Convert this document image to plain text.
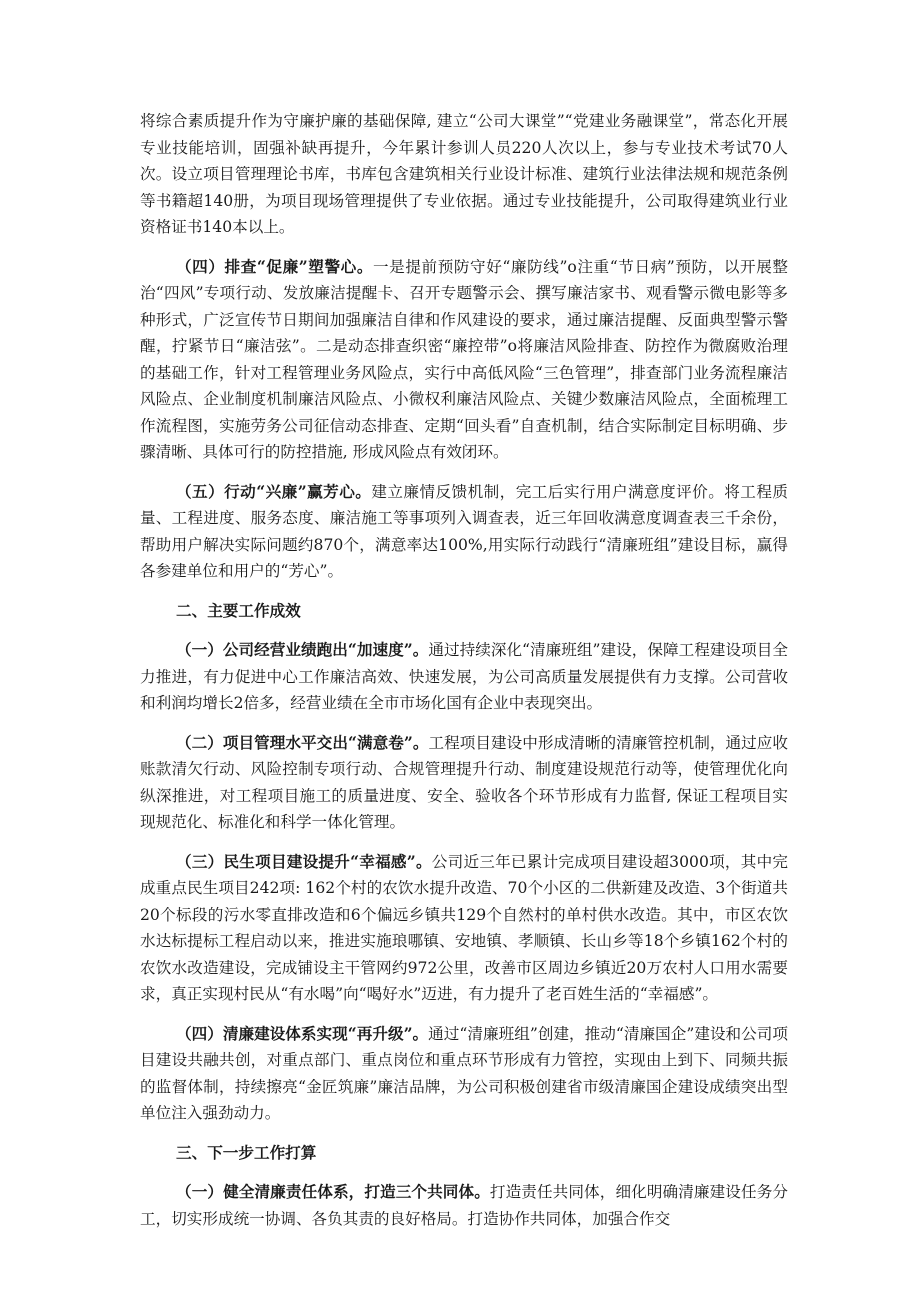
将综合素质提升作为守廉护廉的基础保障, 建立“公司大课堂”“党建业务融课堂”，常态化开展专业技能培训，固强补缺再提升，今年累计参训人员220人次以上，参与专业技术考试70人次。设立项目管理理论书库，书库包含建筑相关行业设计标准、建筑行业法律法规和规范条例等书籍超140册，为项目现场管理提供了专业依据。通过专业技能提升，公司取得建筑业行业资格证书140本以上。

（四）排查“促廉”塑警心。一是提前预防守好“廉防线”o注重“节日病”预防，以开展整治“四风”专项行动、发放廉洁提醒卡、召开专题警示会、撰写廉洁家书、观看警示微电影等多种形式，广泛宣传节日期间加强廉洁自律和作风建设的要求，通过廉洁提醒、反面典型警示警醒，拧紧节日“廉洁弦”。二是动态排查织密“廉控带”o将廉洁风险排查、防控作为微腐败治理的基础工作，针对工程管理业务风险点，实行中高低风险“三色管理”，排查部门业务流程廉洁风险点、企业制度机制廉洁风险点、小微权利廉洁风险点、关键少数廉洁风险点，全面梳理工作流程图，实施劳务公司征信动态排查、定期“回头看”自查机制，结合实际制定目标明确、步骤清晰、具体可行的防控措施, 形成风险点有效闭环。

（五）行动“兴廉”赢芳心。建立廉情反馈机制，完工后实行用户满意度评价。将工程质量、工程进度、服务态度、廉洁施工等事项列入调查表，近三年回收满意度调查表三千余份，帮助用户解决实际问题约870个，满意率达100%,用实际行动践行“清廉班组”建设目标，赢得各参建单位和用户的“芳心”。

二、主要工作成效

（一）公司经营业绩跑出“加速度”。通过持续深化“清廉班组”建设，保障工程建设项目全力推进，有力促进中心工作廉洁高效、快速发展，为公司高质量发展提供有力支撑。公司营收和利润均增长2倍多，经营业绩在全市市场化国有企业中表现突出。

（二）项目管理水平交出“满意卷”。工程项目建设中形成清晰的清廉管控机制，通过应收账款清欠行动、风险控制专项行动、合规管理提升行动、制度建设规范行动等，使管理优化向纵深推进，对工程项目施工的质量进度、安全、验收各个环节形成有力监督, 保证工程项目实现规范化、标准化和科学一体化管理。

（三）民生项目建设提升“幸福感”。公司近三年已累计完成项目建设超3000项，其中完成重点民生项目242项: 162个村的农饮水提升改造、70个小区的二供新建及改造、3个街道共20个标段的污水零直排改造和6个偏远乡镇共129个自然村的单村供水改造。其中，市区农饮水达标提标工程启动以来，推进实施琅哪镇、安地镇、孝顺镇、长山乡等18个乡镇162个村的农饮水改造建设，完成铺设主干管网约972公里，改善市区周边乡镇近20万农村人口用水需要求，真正实现村民从“有水喝”向“喝好水”迈进，有力提升了老百姓生活的“幸福感”。

（四）清廉建设体系实现“再升级”。通过“清廉班组”创建，推动“清廉国企”建设和公司项目建设共融共创，对重点部门、重点岗位和重点环节形成有力管控，实现由上到下、同频共振的监督体制，持续擦亮“金匠筑廉”廉洁品牌，为公司积极创建省市级清廉国企建设成绩突出型单位注入强劲动力。

三、下一步工作打算

（一）健全清廉责任体系，打造三个共同体。打造责任共同体，细化明确清廉建设任务分工，切实形成统一协调、各负其责的良好格局。打造协作共同体，加强合作交
